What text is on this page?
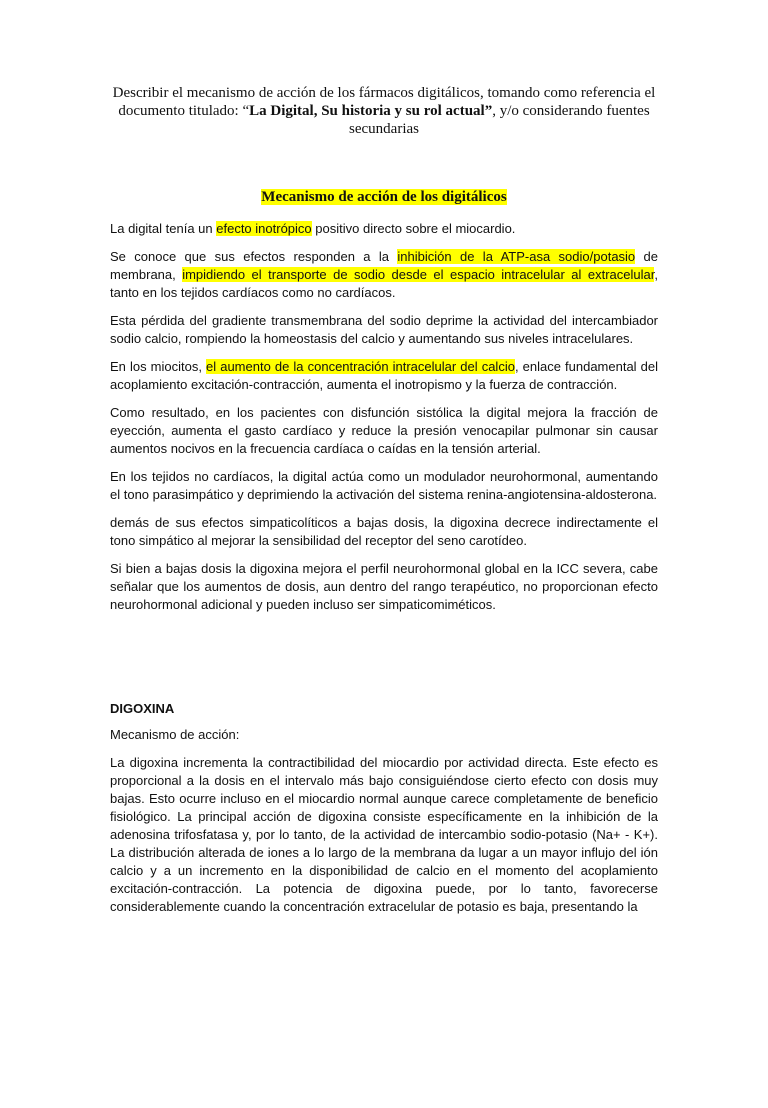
Describir el mecanismo de acción de los fármacos digitálicos, tomando como referencia el documento titulado: “La Digital, Su historia y su rol actual”, y/o considerando fuentes secundarias
Mecanismo de acción de los digitálicos

La digital tenía un efecto inotrópico positivo directo sobre el miocardio.

Se conoce que sus efectos responden a la inhibición de la ATP-asa sodio/potasio de membrana, impidiendo el transporte de sodio desde el espacio intracelular al extracelular, tanto en los tejidos cardíacos como no cardíacos.

Esta pérdida del gradiente transmembrana del sodio deprime la actividad del intercambiador sodio calcio, rompiendo la homeostasis del calcio y aumentando sus niveles intracelulares.

En los miocitos, el aumento de la concentración intracelular del calcio, enlace fundamental del acoplamiento excitación-contracción, aumenta el inotropismo y la fuerza de contracción.

Como resultado, en los pacientes con disfunción sistólica la digital mejora la fracción de eyección, aumenta el gasto cardíaco y reduce la presión venocapilar pulmonar sin causar aumentos nocivos en la frecuencia cardíaca o caídas en la tensión arterial.

En los tejidos no cardíacos, la digital actúa como un modulador neurohormonal, aumentando el tono parasimpático y deprimiendo la activación del sistema renina-angiotensina-aldosterona.

demás de sus efectos simpaticolíticos a bajas dosis, la digoxina decrece indirectamente el tono simpático al mejorar la sensibilidad del receptor del seno carotídeo.

Si bien a bajas dosis la digoxina mejora el perfil neurohormonal global en la ICC severa, cabe señalar que los aumentos de dosis, aun dentro del rango terapéutico, no proporcionan efecto neurohormonal adicional y pueden incluso ser simpaticomiméticos.

DIGOXINA

Mecanismo de acción:

La digoxina incrementa la contractibilidad del miocardio por actividad directa. Este efecto es proporcional a la dosis en el intervalo más bajo consiguiéndose cierto efecto con dosis muy bajas. Esto ocurre incluso en el miocardio normal aunque carece completamente de beneficio fisiológico. La principal acción de digoxina consiste específicamente en la inhibición de la adenosina trifosfatasa y, por lo tanto, de la actividad de intercambio sodio-potasio (Na+ - K+). La distribución alterada de iones a lo largo de la membrana da lugar a un mayor influjo del ión calcio y a un incremento en la disponibilidad de calcio en el momento del acoplamiento excitación-contracción. La potencia de digoxina puede, por lo tanto, favorecerse considerablemente cuando la concentración extracelular de potasio es baja, presentando la
